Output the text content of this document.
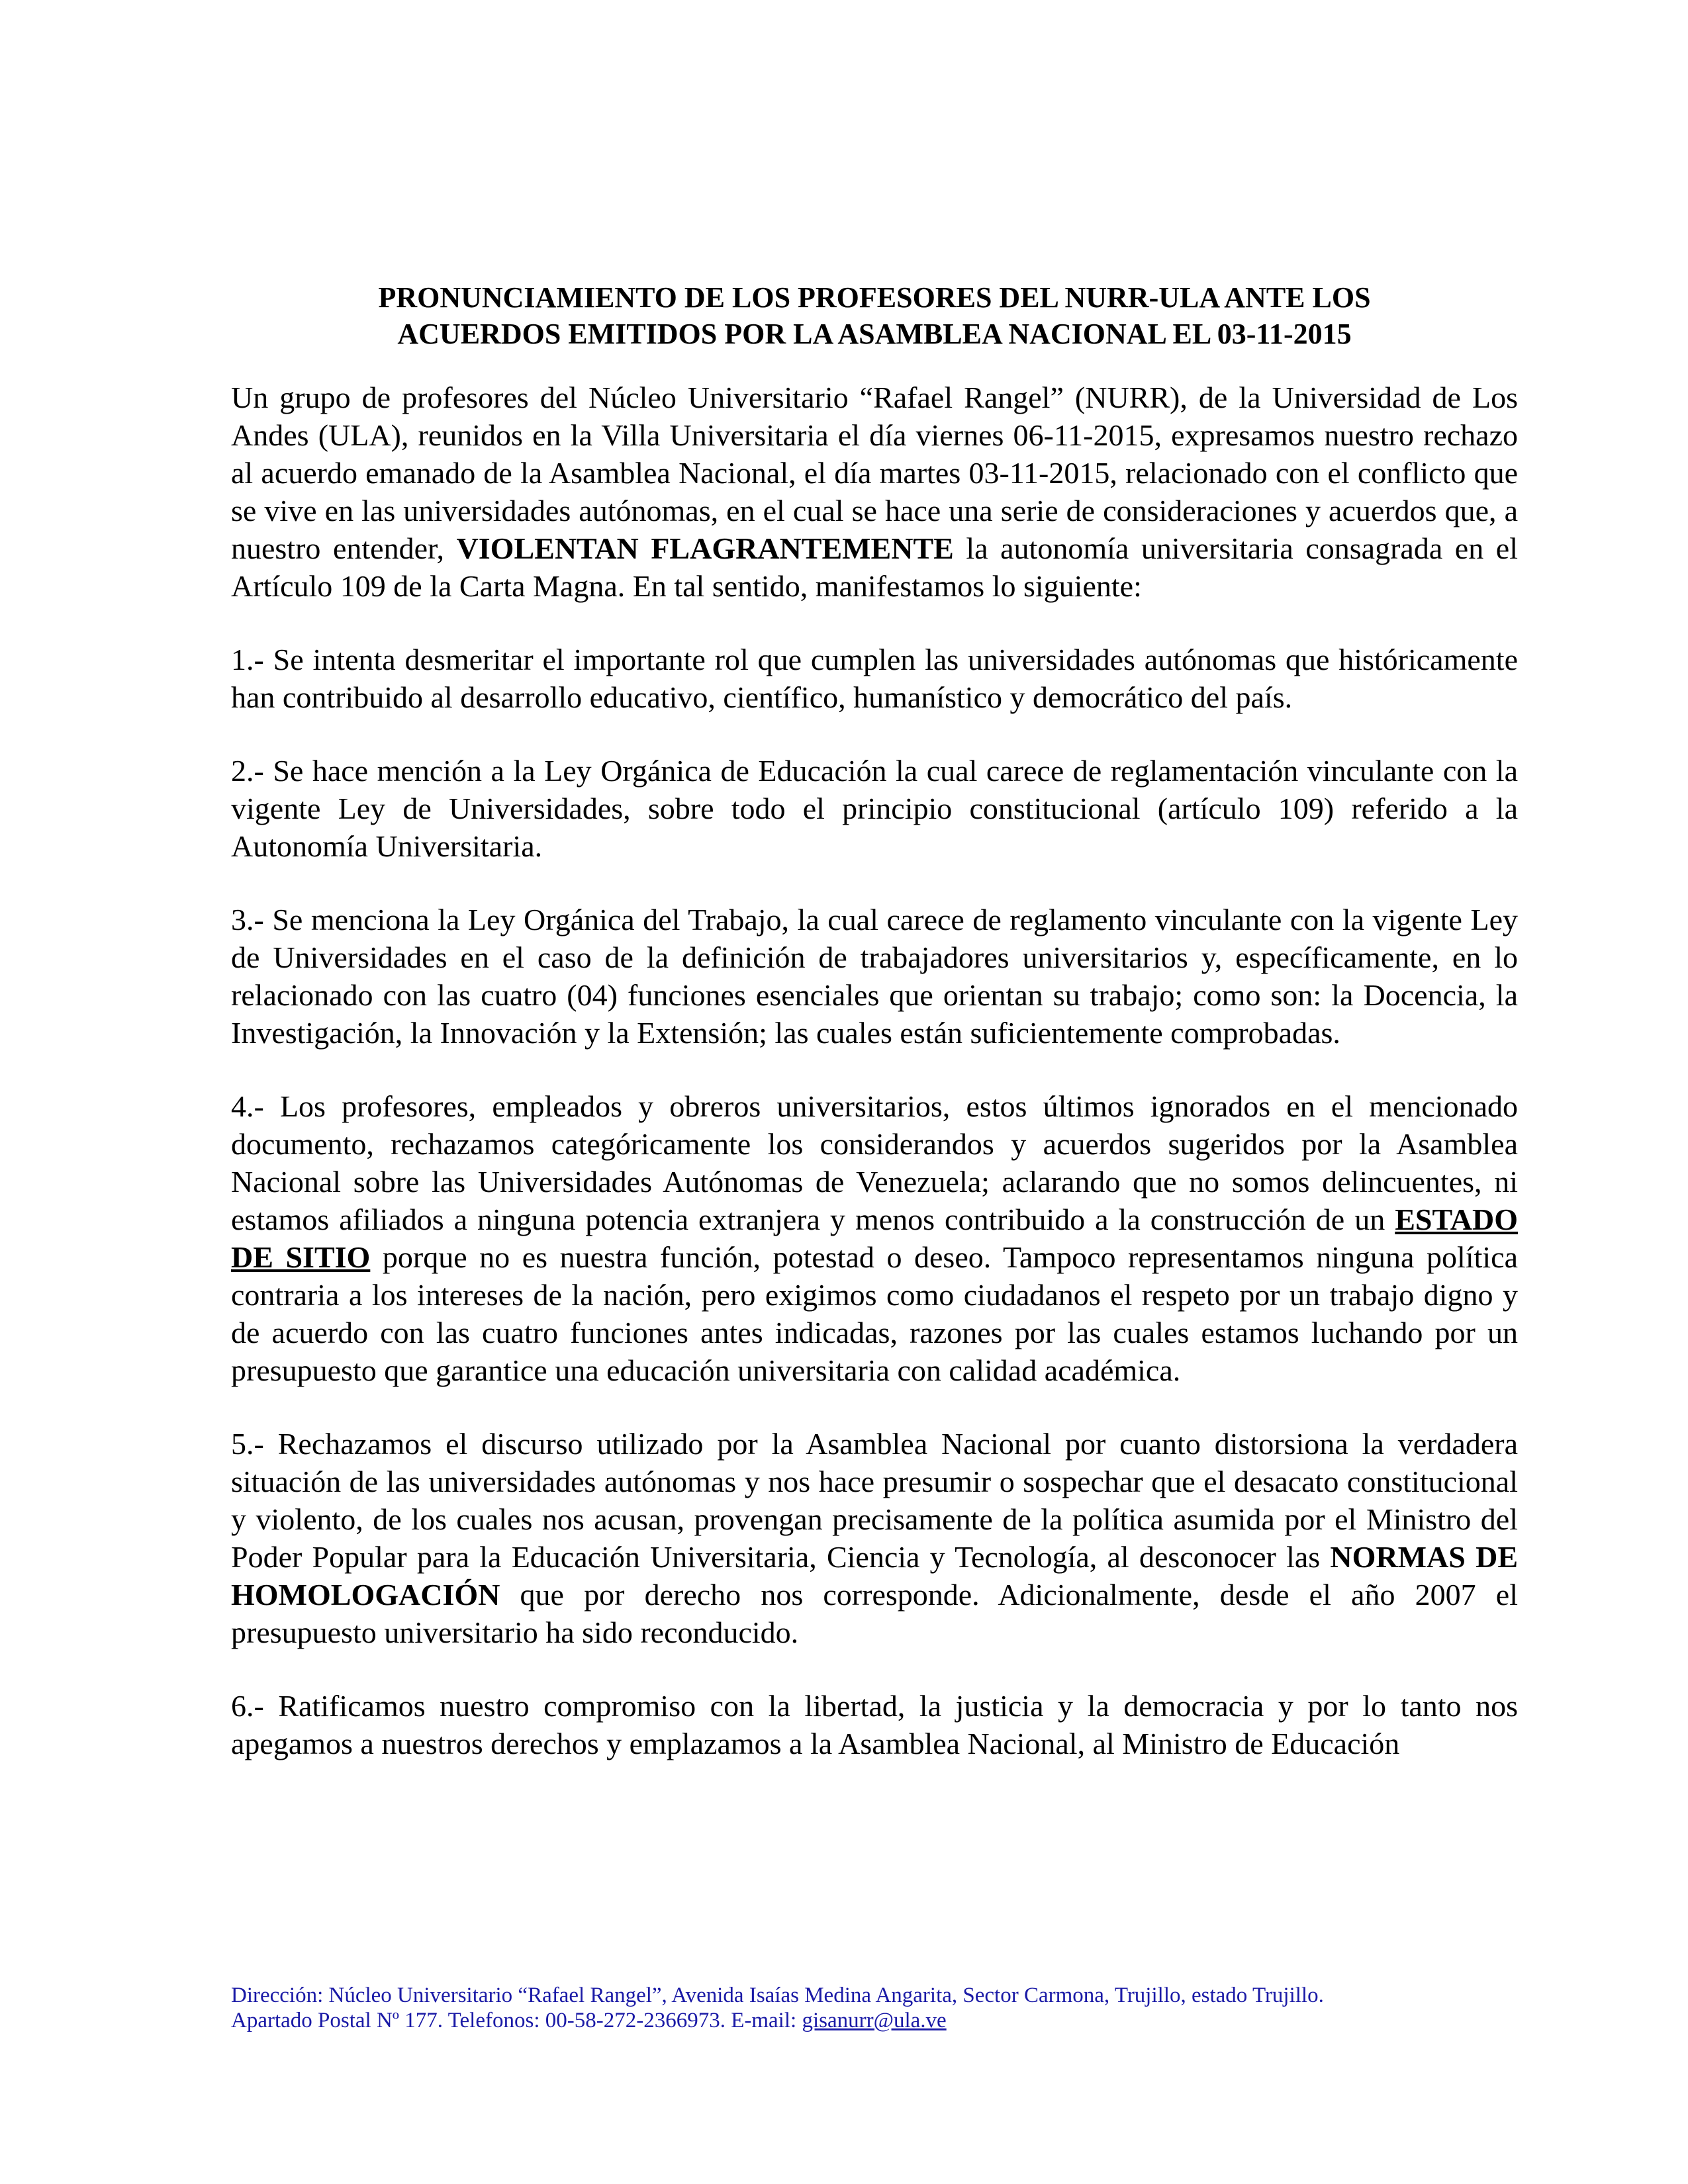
PRONUNCIAMIENTO DE LOS PROFESORES DEL NURR-ULA ANTE LOS
ACUERDOS EMITIDOS POR LA ASAMBLEA NACIONAL EL 03-11-2015

Un grupo de profesores del Núcleo Universitario “Rafael Rangel” (NURR), de la Universidad de Los Andes (ULA), reunidos en la Villa Universitaria el día viernes 06-11-2015, expresamos nuestro rechazo al acuerdo emanado de la Asamblea Nacional, el día martes 03-11-2015, relacionado con el conflicto que se vive en las universidades autónomas, en el cual se hace una serie de consideraciones y acuerdos que, a nuestro entender, VIOLENTAN FLAGRANTEMENTE la autonomía universitaria consagrada en el Artículo 109 de la Carta Magna. En tal sentido, manifestamos lo siguiente:

1.- Se intenta desmeritar el importante rol que cumplen las universidades autónomas que históricamente han contribuido al desarrollo educativo, científico, humanístico y democrático del país.

2.- Se hace mención a la Ley Orgánica de Educación la cual carece de reglamentación vinculante con la vigente Ley de Universidades, sobre todo el principio constitucional (artículo 109) referido a la Autonomía Universitaria.

3.- Se menciona la Ley Orgánica del Trabajo, la cual carece de reglamento vinculante con la vigente Ley de Universidades en el caso de la definición de trabajadores universitarios y, específicamente, en lo relacionado con las cuatro (04) funciones esenciales que orientan su trabajo; como son: la Docencia, la Investigación, la Innovación y la Extensión; las cuales están suficientemente comprobadas.

4.- Los profesores, empleados y obreros universitarios, estos últimos ignorados en el mencionado documento, rechazamos categóricamente los considerandos y acuerdos sugeridos por la Asamblea Nacional sobre las Universidades Autónomas de Venezuela; aclarando que no somos delincuentes, ni estamos afiliados a ninguna potencia extranjera y menos contribuido a la construcción de un ESTADO DE SITIO porque no es nuestra función, potestad o deseo. Tampoco representamos ninguna política contraria a los intereses de la nación, pero exigimos como ciudadanos el respeto por un trabajo digno y de acuerdo con las cuatro funciones antes indicadas, razones por las cuales estamos luchando por un presupuesto que garantice una educación universitaria con calidad académica.

5.- Rechazamos el discurso utilizado por la Asamblea Nacional por cuanto distorsiona la verdadera situación de las universidades autónomas y nos hace presumir o sospechar que el desacato constitucional y violento, de los cuales nos acusan, provengan precisamente de la política asumida por el Ministro del Poder Popular para la Educación Universitaria, Ciencia y Tecnología, al desconocer las NORMAS DE HOMOLOGACIÓN que por derecho nos corresponde. Adicionalmente, desde el año 2007 el presupuesto universitario ha sido reconducido.

6.- Ratificamos nuestro compromiso con la libertad, la justicia y la democracia y por lo tanto nos apegamos a nuestros derechos y emplazamos a la Asamblea Nacional, al Ministro de Educación

Dirección: Núcleo Universitario “Rafael Rangel”, Avenida Isaías Medina Angarita, Sector Carmona, Trujillo, estado Trujillo.
Apartado Postal Nº 177. Telefonos: 00-58-272-2366973. E-mail: gisanurr@ula.ve
